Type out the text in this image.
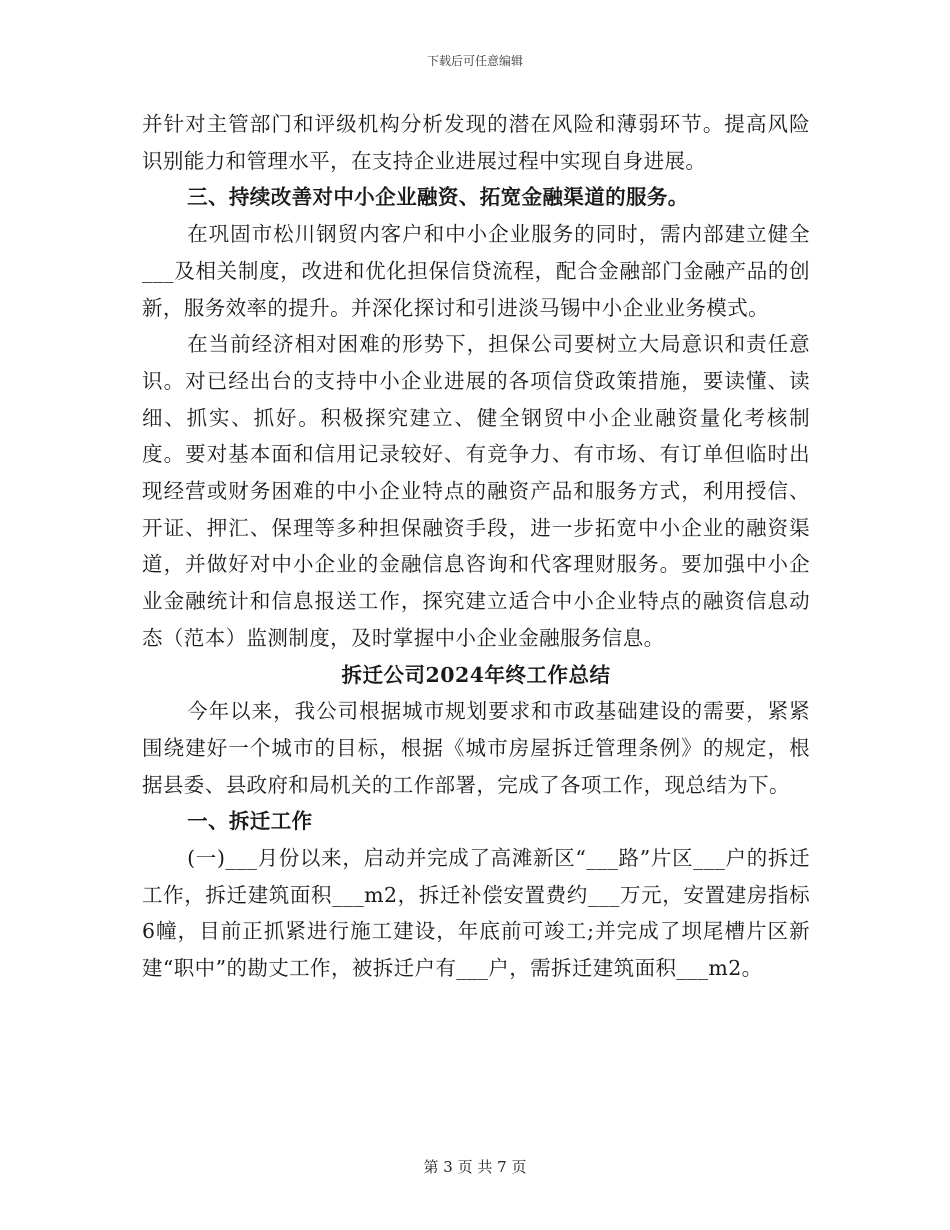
下载后可任意编辑

并针对主管部门和评级机构分析发现的潜在风险和薄弱环节。提高风险识别能力和管理水平，在支持企业进展过程中实现自身进展。

三、持续改善对中小企业融资、拓宽金融渠道的服务。

在巩固市松川钢贸内客户和中小企业服务的同时，需内部建立健全___及相关制度，改进和优化担保信贷流程，配合金融部门金融产品的创新，服务效率的提升。并深化探讨和引进淡马锡中小企业业务模式。

在当前经济相对困难的形势下，担保公司要树立大局意识和责任意识。对已经出台的支持中小企业进展的各项信贷政策措施，要读懂、读细、抓实、抓好。积极探究建立、健全钢贸中小企业融资量化考核制度。要对基本面和信用记录较好、有竞争力、有市场、有订单但临时出现经营或财务困难的中小企业特点的融资产品和服务方式，利用授信、开证、押汇、保理等多种担保融资手段，进一步拓宽中小企业的融资渠道，并做好对中小企业的金融信息咨询和代客理财服务。要加强中小企业金融统计和信息报送工作，探究建立适合中小企业特点的融资信息动态（范本）监测制度，及时掌握中小企业金融服务信息。

拆迁公司2024年终工作总结

今年以来，我公司根据城市规划要求和市政基础建设的需要，紧紧围绕建好一个城市的目标，根据《城市房屋拆迁管理条例》的规定，根据县委、县政府和局机关的工作部署，完成了各项工作，现总结为下。

一、拆迁工作

(一)___月份以来，启动并完成了高滩新区“___路”片区___户的拆迁工作，拆迁建筑面积___m2，拆迁补偿安置费约___万元，安置建房指标6幢，目前正抓紧进行施工建设，年底前可竣工;并完成了坝尾槽片区新建“职中”的勘丈工作，被拆迁户有___户，需拆迁建筑面积___m2。

第 3 页 共 7 页
